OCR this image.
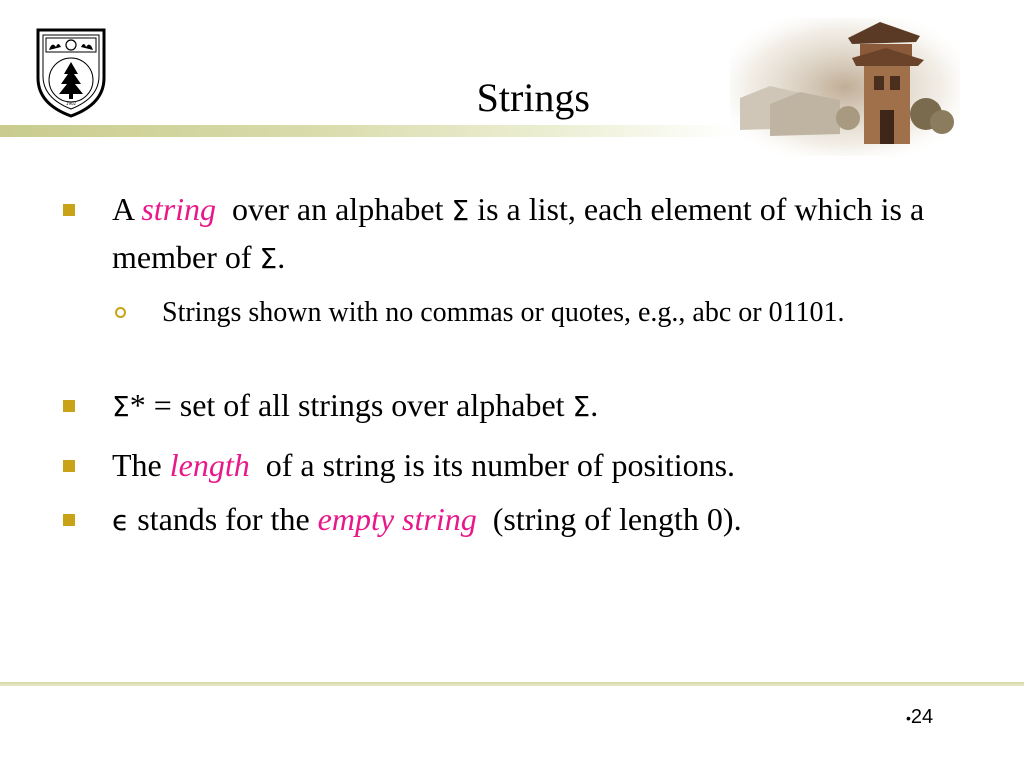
1902	Strings
A string  over an alphabet Σ is a list, each element of which is a member of Σ.
Strings shown with no commas or quotes, e.g., abc or 01101.
Σ* = set of all strings over alphabet Σ.
The length  of a string is its number of positions.
ϵ stands for the empty string  (string of length 0).
•24
